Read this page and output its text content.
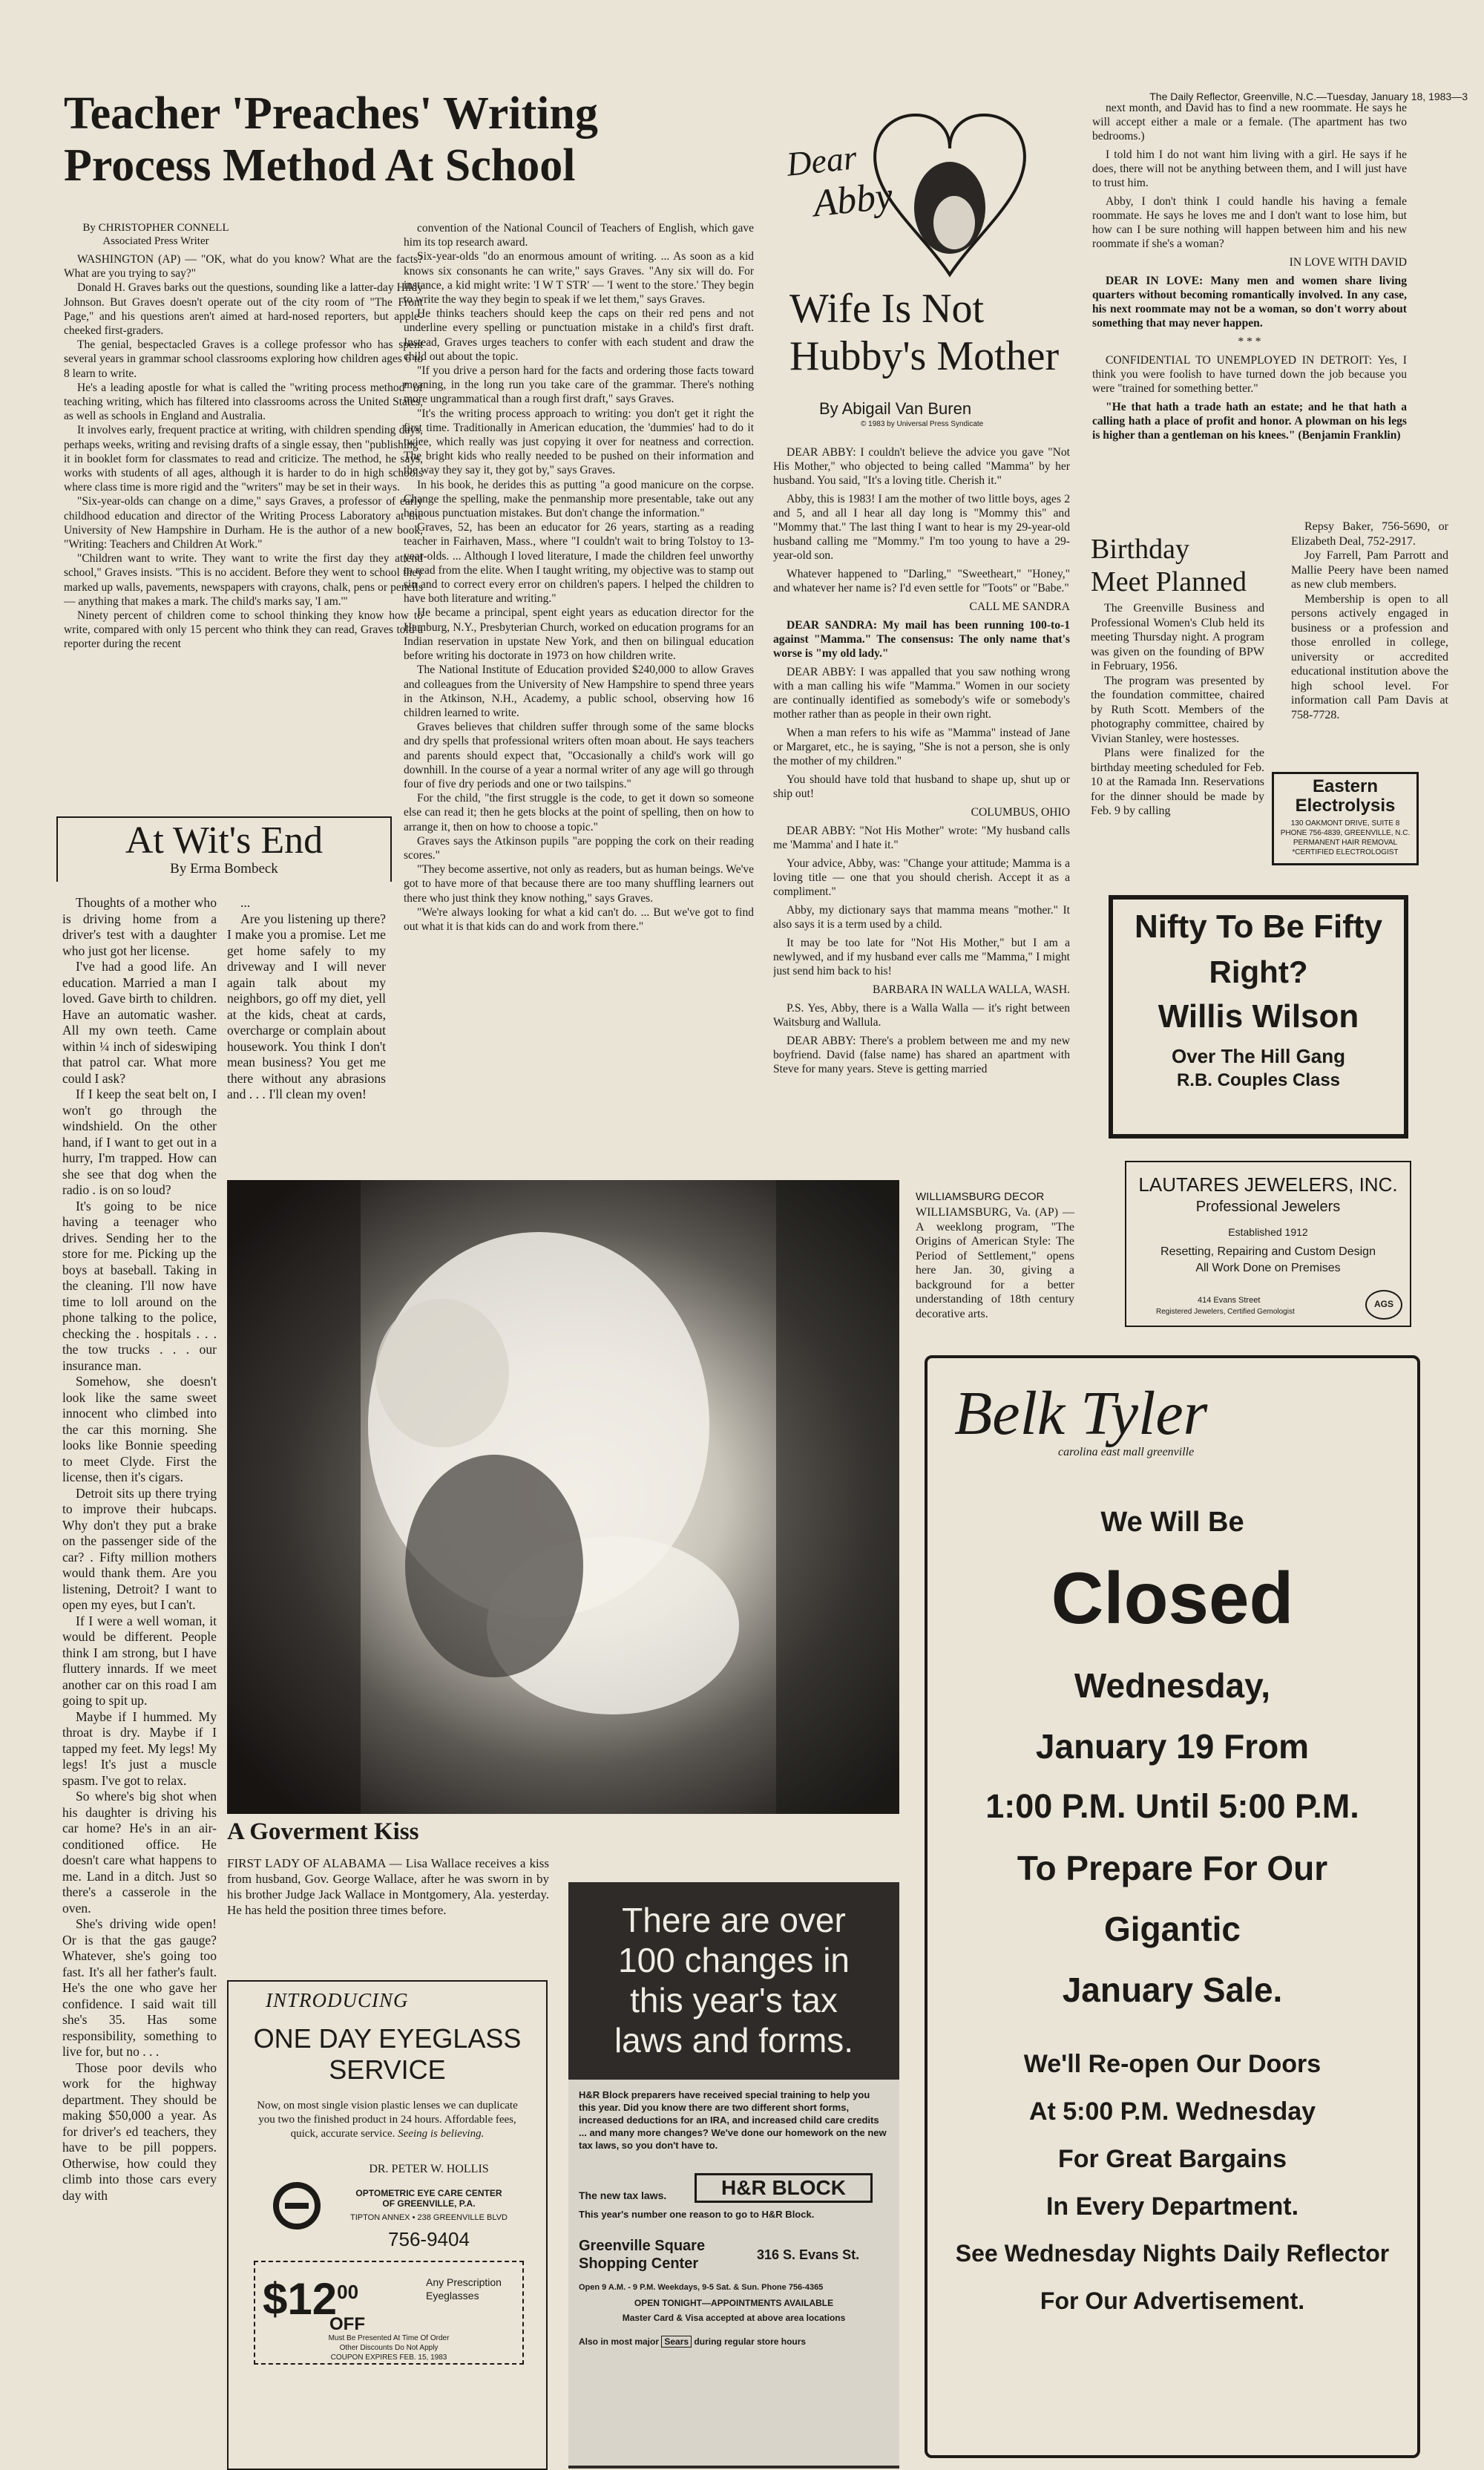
The Daily Reflector, Greenville, N.C.—Tuesday, January 18, 1983—3
Teacher 'Preaches' Writing
Process Method At School
By CHRISTOPHER CONNELL
Associated Press Writer

WASHINGTON (AP) — "OK, what do you know? What are the facts? What are you trying to say?"

Donald H. Graves barks out the questions, sounding like a latter-day Hildy Johnson. But Graves doesn't operate out of the city room of "The Front Page," and his questions aren't aimed at hard-nosed reporters, but apple-cheeked first-graders.

The genial, bespectacled Graves is a college professor who has spent several years in grammar school classrooms exploring how children ages 6 to 8 learn to write.

He's a leading apostle for what is called the "writing process method" of teaching writing, which has filtered into classrooms across the United States, as well as schools in England and Australia.

It involves early, frequent practice at writing, with children spending days, perhaps weeks, writing and revising drafts of a single essay, then "publishing" it in booklet form for classmates to read and criticize. The method, he says, works with students of all ages, although it is harder to do in high schools where class time is more rigid and the "writers" may be set in their ways.

"Six-year-olds can change on a dime," says Graves, a professor of early childhood education and director of the Writing Process Laboratory at the University of New Hampshire in Durham. He is the author of a new book, "Writing: Teachers and Children At Work."

"Children want to write. They want to write the first day they attend school," Graves insists. "This is no accident. Before they went to school they marked up walls, pavements, newspapers with crayons, chalk, pens or pencils — anything that makes a mark. The child's marks say, 'I am.'"

Ninety percent of children come to school thinking they know how to write, compared with only 15 percent who think they can read, Graves told a reporter during the recent

convention of the National Council of Teachers of English, which gave him its top research award.

Six-year-olds "do an enormous amount of writing. ... As soon as a kid knows six consonants he can write," says Graves. "Any six will do. For instance, a kid might write: 'I W T STR' — 'I went to the store.' They begin to write the way they begin to speak if we let them," says Graves.

He thinks teachers should keep the caps on their red pens and not underline every spelling or punctuation mistake in a child's first draft. Instead, Graves urges teachers to confer with each student and draw the child out about the topic.

"If you drive a person hard for the facts and ordering those facts toward meaning, in the long run you take care of the grammar. There's nothing more ungrammatical than a rough first draft," says Graves.

"It's the writing process approach to writing: you don't get it right the first time. Traditionally in American education, the 'dummies' had to do it twice, which really was just copying it over for neatness and correction. The bright kids who really needed to be pushed on their information and the way they say it, they got by," says Graves.

In his book, he derides this as putting "a good manicure on the corpse. Change the spelling, make the penmanship more presentable, take out any heinous punctuation mistakes. But don't change the information."

Graves, 52, has been an educator for 26 years, starting as a reading teacher in Fairhaven, Mass., where "I couldn't wait to bring Tolstoy to 13-year-olds. ... Although I loved literature, I made the children feel unworthy to read from the elite. When I taught writing, my objective was to stamp out sin and to correct every error on children's papers. I helped the children to have both literature and writing."

He became a principal, spent eight years as education director for the Hamburg, N.Y., Presbyterian Church, worked on education programs for an Indian reservation in upstate New York, and then on bilingual education before writing his doctorate in 1973 on how children write.

The National Institute of Education provided $240,000 to allow Graves and colleagues from the University of New Hampshire to spend three years in the Atkinson, N.H., Academy, a public school, observing how 16 children learned to write.

Graves believes that children suffer through some of the same blocks and dry spells that professional writers often moan about. He says teachers and parents should expect that, "Occasionally a child's work will go downhill. In the course of a year a normal writer of any age will go through four of five dry periods and one or two tailspins."

For the child, "the first struggle is the code, to get it down so someone else can read it; then he gets blocks at the point of spelling, then on how to arrange it, then on how to choose a topic."

Graves says the Atkinson pupils "are popping the cork on their reading scores."

"They become assertive, not only as readers, but as human beings. We've got to have more of that because there are too many shuffling learners out there who just think they know nothing," says Graves.

"We're always looking for what a kid can't do. ... But we've got to find out what it is that kids can do and work from there."

At Wit's End
By Erma Bombeck

Thoughts of a mother who is driving home from a driver's test with a daughter who just got her license.

I've had a good life. An education. Married a man I loved. Gave birth to children. Have an automatic washer. All my own teeth. Came within ¼ inch of sideswiping that patrol car. What more could I ask?

If I keep the seat belt on, I won't go through the windshield. On the other hand, if I want to get out in a hurry, I'm trapped. How can she see that dog when the radio . is on so loud?

It's going to be nice having a teenager who drives. Sending her to the store for me. Picking up the boys at baseball. Taking in the cleaning. I'll now have time to loll around on the phone talking to the police, checking the . hospitals . . . the tow trucks . . . our insurance man.

Somehow, she doesn't look like the same sweet innocent who climbed into the car this morning. She looks like Bonnie speeding to meet Clyde. First the license, then it's cigars.

Detroit sits up there trying to improve their hubcaps. Why don't they put a brake on the passenger side of the car? . Fifty million mothers would thank them. Are you listening, Detroit? I want to open my eyes, but I can't.

If I were a well woman, it would be different. People think I am strong, but I have fluttery innards. If we meet another car on this road I am going to spit up.

Maybe if I hummed. My throat is dry. Maybe if I tapped my feet. My legs! My legs! It's just a muscle spasm. I've got to relax.

So where's big shot when his daughter is driving his car home? He's in an air- conditioned office. He doesn't care what happens to me. Land in a ditch. Just so there's a casserole in the oven.

She's driving wide open! Or is that the gas gauge? Whatever, she's going too fast. It's all her father's fault. He's the one who gave her confidence. I said wait till she's 35. Has some responsibility, something to live for, but no . . .

Those poor devils who work for the highway department. They should be making $50,000 a year. As for driver's ed teachers, they have to be pill poppers. Otherwise, how could they climb into those cars every day with

...

Are you listening up there? I make you a promise. Let me get home safely to my driveway and I will never again talk about my neighbors, go off my diet, yell at the kids, cheat at cards, overcharge or complain about housework. You think I don't mean business? You get me there without any abrasions and . . . I'll clean my oven!

A Goverment Kiss
FIRST LADY OF ALABAMA — Lisa Wallace receives a kiss from husband, Gov. George Wallace, after he was sworn in by his brother Judge Jack Wallace in Montgomery, Ala. yesterday. He has held the position three times before.
INTRODUCING
ONE DAY EYEGLASS
SERVICE
Now, on most single vision plastic lenses we can duplicate you two the finished product in 24 hours. Affordable fees, quick, accurate service. Seeing is believing.
DR. PETER W. HOLLIS
OPTOMETRIC EYE CARE CENTER
OF GREENVILLE, P.A.
TIPTON ANNEX • 238 GREENVILLE BLVD
756-9404
$\$12^{00}$
OFF
Any Prescription
Eyeglasses
Must Be Presented At Time Of Order
Other Discounts Do Not Apply
COUPON EXPIRES FEB. 15, 1983
Dear
Abby
Wife Is Not
Hubby's Mother
By Abigail Van Buren
© 1983 by Universal Press Syndicate

DEAR ABBY: I couldn't believe the advice you gave "Not His Mother," who objected to being called "Mamma" by her husband. You said, "It's a loving title. Cherish it."

Abby, this is 1983! I am the mother of two little boys, ages 2 and 5, and all I hear all day long is "Mommy this" and "Mommy that." The last thing I want to hear is my 29-year-old husband calling me "Mommy." I'm too young to have a 29-year-old son.

Whatever happened to "Darling," "Sweetheart," "Honey," and whatever her name is? I'd even settle for "Toots" or "Babe."

CALL ME SANDRA

DEAR SANDRA: My mail has been running 100-to-1 against "Mamma." The consensus: The only name that's worse is "my old lady."

DEAR ABBY: I was appalled that you saw nothing wrong with a man calling his wife "Mamma." Women in our society are continually identified as somebody's wife or somebody's mother rather than as people in their own right.

When a man refers to his wife as "Mamma" instead of Jane or Margaret, etc., he is saying, "She is not a person, she is only the mother of my children."

You should have told that husband to shape up, shut up or ship out!

COLUMBUS, OHIO

DEAR ABBY: "Not His Mother" wrote: "My husband calls me 'Mamma' and I hate it."

Your advice, Abby, was: "Change your attitude; Mamma is a loving title — one that you should cherish. Accept it as a compliment."

Abby, my dictionary says that mamma means "mother." It also says it is a term used by a child.

It may be too late for "Not His Mother," but I am a newlywed, and if my husband ever calls me "Mamma," I might just send him back to his!

BARBARA IN WALLA WALLA, WASH.

P.S. Yes, Abby, there is a Walla Walla — it's right between Waitsburg and Wallula.

DEAR ABBY: There's a problem between me and my new boyfriend. David (false name) has shared an apartment with Steve for many years. Steve is getting married

next month, and David has to find a new roommate. He says he will accept either a male or a female. (The apartment has two bedrooms.)

I told him I do not want him living with a girl. He says if he does, there will not be anything between them, and I will just have to trust him.

Abby, I don't think I could handle his having a female roommate. He says he loves me and I don't want to lose him, but how can I be sure nothing will happen between him and his new roommate if she's a woman?

IN LOVE WITH DAVID

DEAR IN LOVE: Many men and women share living quarters without becoming romantically involved. In any case, his next roommate may not be a woman, so don't worry about something that may never happen.

* * *

CONFIDENTIAL TO UNEMPLOYED IN DETROIT: Yes, I think you were foolish to have turned down the job because you were "trained for something better."

"He that hath a trade hath an estate; and he that hath a calling hath a place of profit and honor. A plowman on his legs is higher than a gentleman on his knees." (Benjamin Franklin)

Birthday
Meet Planned

The Greenville Business and Professional Women's Club held its meeting Thursday night. A program was given on the founding of BPW in February, 1956.

The program was presented by the foundation committee, chaired by Ruth Scott. Members of the photography committee, chaired by Vivian Stanley, were hostesses.

Plans were finalized for the birthday meeting scheduled for Feb. 10 at the Ramada Inn. Reservations for the dinner should be made by Feb. 9 by calling

Repsy Baker, 756-5690, or Elizabeth Deal, 752-2917.

Joy Farrell, Pam Parrott and Mallie Peery have been named as new club members.

Membership is open to all persons actively engaged in business or a profession and those enrolled in college, university or accredited educational institution above the high school level. For information call Pam Davis at 758-7728.

Eastern
Electrolysis
130 OAKMONT DRIVE, SUITE 8
PHONE 756-4839, GREENVILLE, N.C.
PERMANENT HAIR REMOVAL
*CERTIFIED ELECTROLOGIST
Nifty To Be Fifty
Right?
Willis Wilson
Over The Hill Gang
R.B. Couples Class
LAUTARES JEWELERS, INC.
Professional Jewelers
Established 1912
Resetting, Repairing and Custom Design
All Work Done on Premises
414 Evans Street
Registered Jewelers, Certified Gemologist
AGS
Belk Tyler
carolina east mall greenville
We Will Be
Closed
Wednesday,
January 19 From
1:00 P.M. Until 5:00 P.M.
To Prepare For Our
Gigantic
January Sale.
We'll Re-open Our Doors
At 5:00 P.M. Wednesday
For Great Bargains
In Every Department.
See Wednesday Nights Daily Reflector
For Our Advertisement.
WILLIAMSBURG DECOR
WILLIAMSBURG, Va. (AP) — A weeklong program, "The Origins of American Style: The Period of Settlement," opens here Jan. 30, giving a background for a better understanding of 18th century decorative arts.
There are over
100 changes in
this year's tax
laws and forms.
H&R Block preparers have received special training to help you this year. Did you know there are two different short forms, increased deductions for an IRA, and increased child care credits ... and many more changes? We've done our homework on the new tax laws, so you don't have to.
The new tax laws.	H&R BLOCK
This year's number one reason to go to H&R Block.
Greenville Square
Shopping Center
316 S. Evans St.
Open 9 A.M. - 9 P.M. Weekdays, 9-5 Sat. & Sun. Phone 756-4365
OPEN TONIGHT—APPOINTMENTS AVAILABLE
Master Card & Visa accepted at above area locations
Also in most major Sears during regular store hours
